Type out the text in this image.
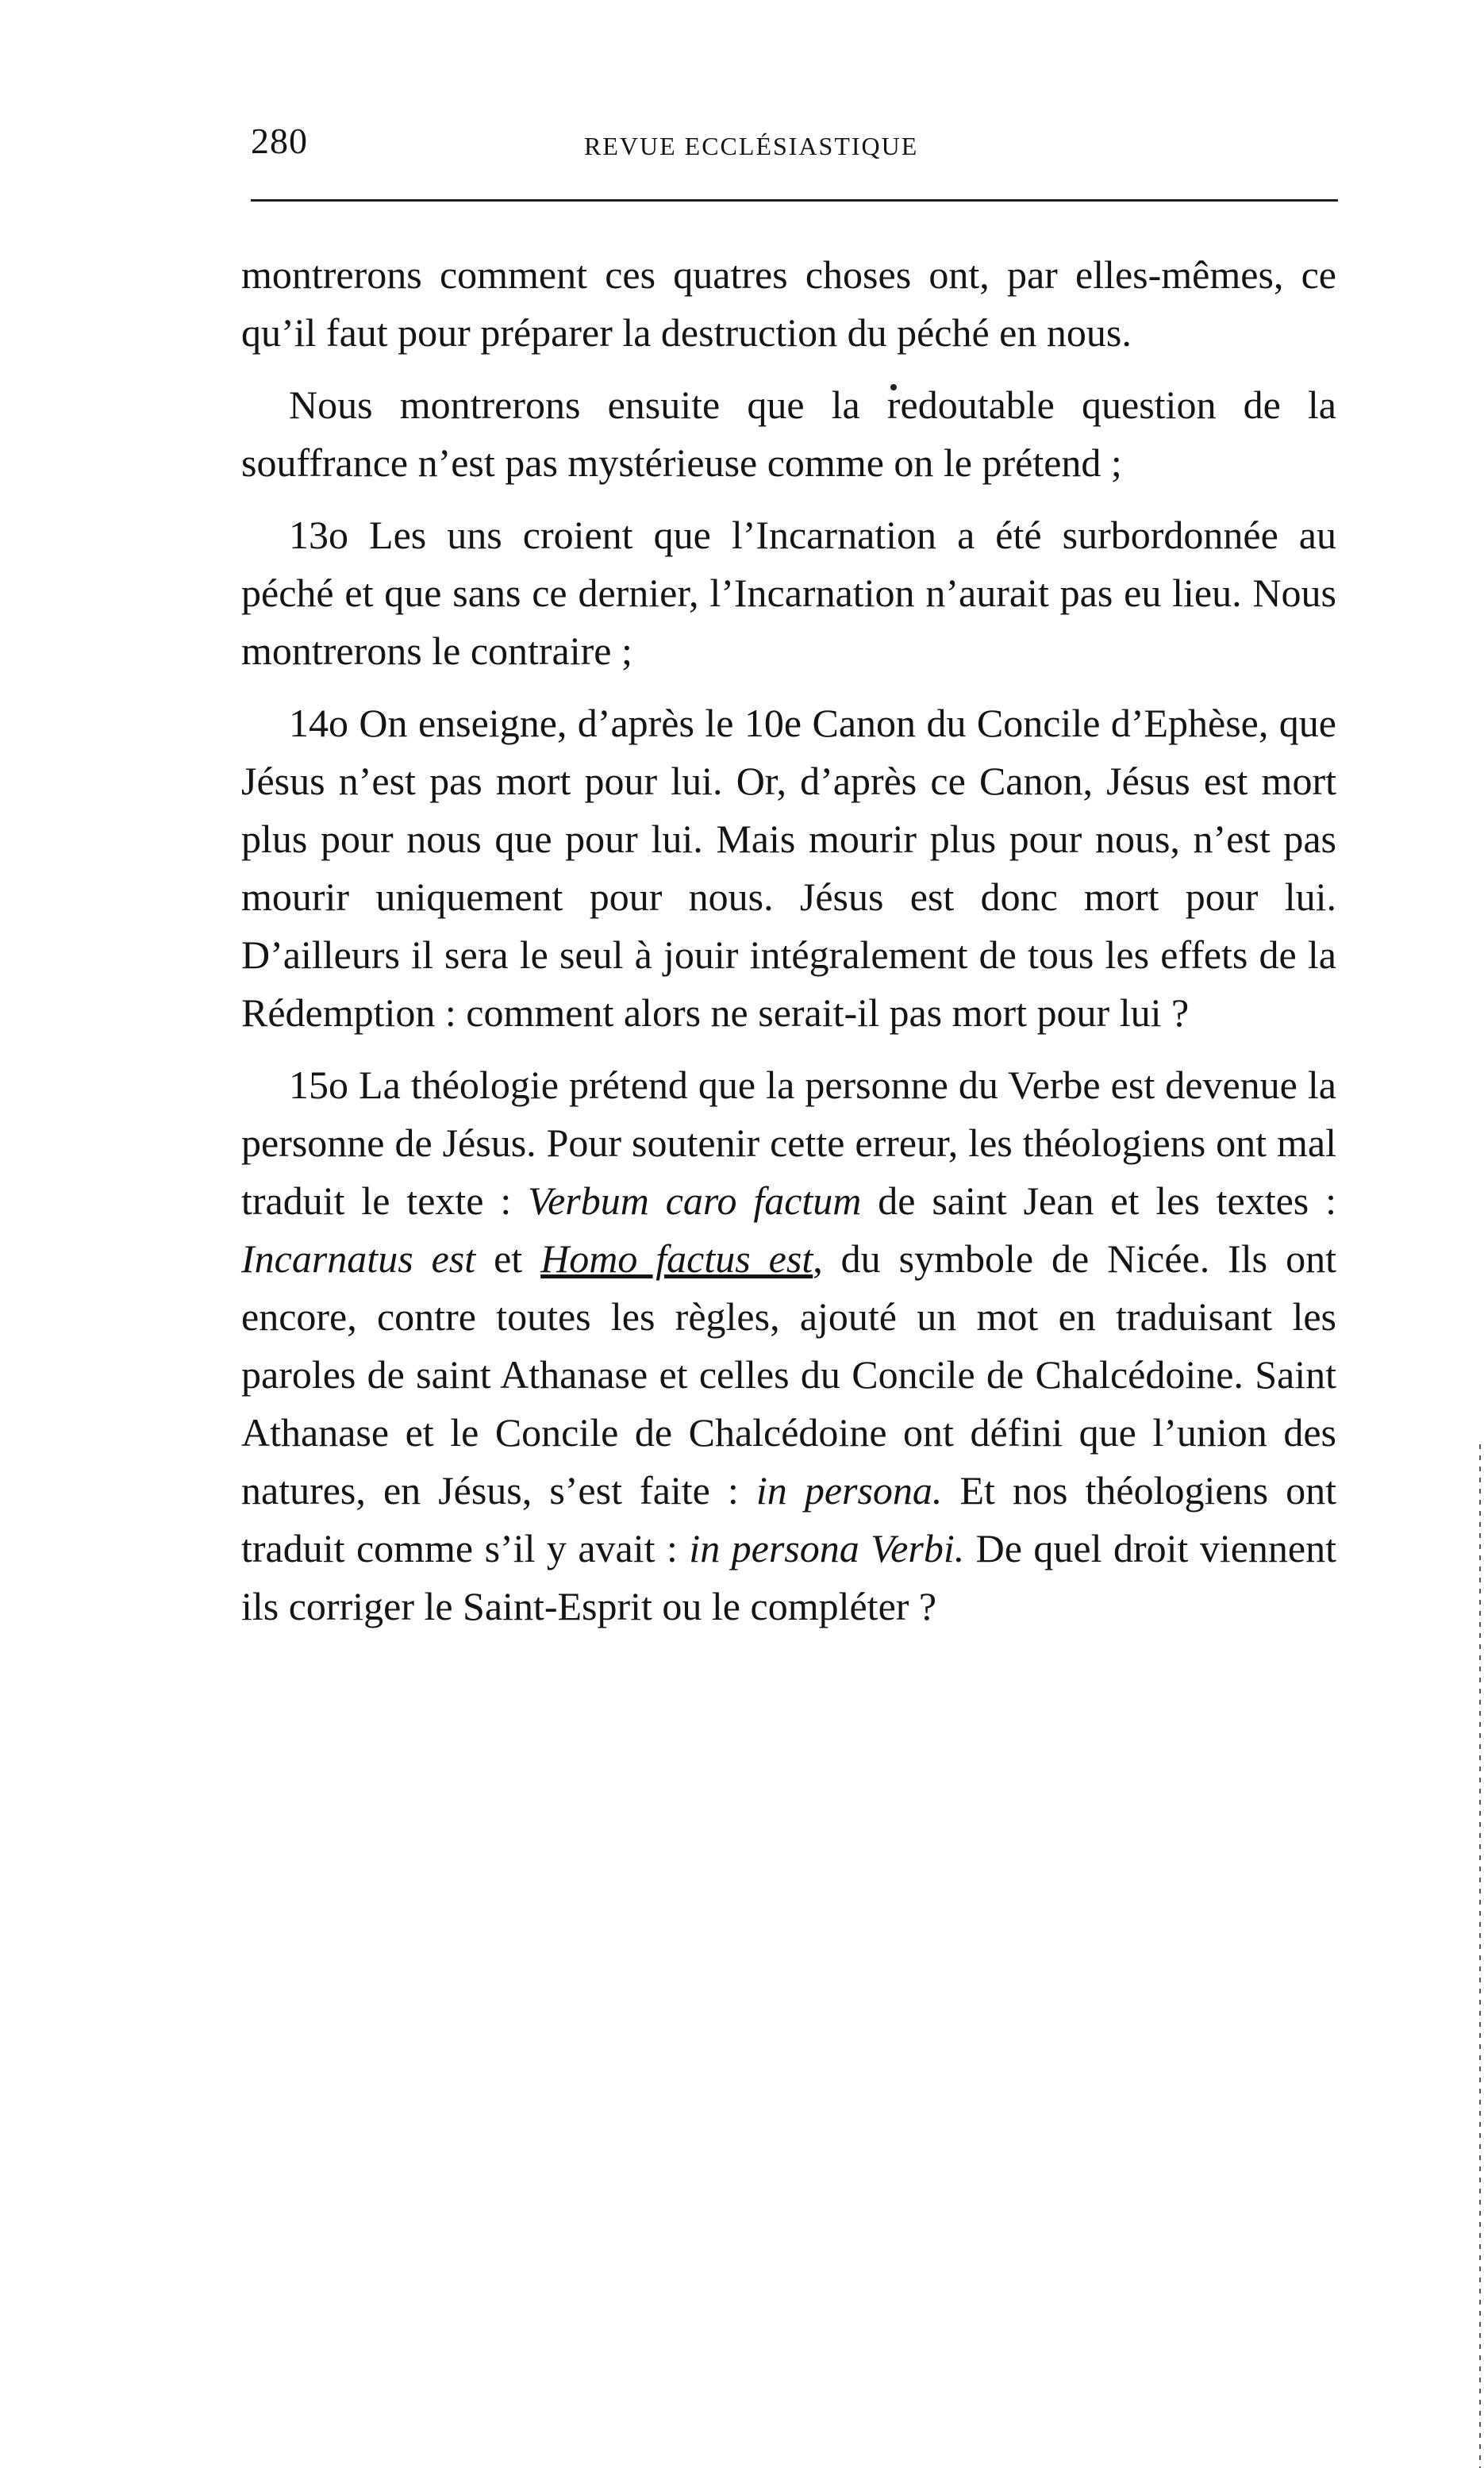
280	REVUE ECCLÉSIASTIQUE

montrerons comment ces quatres choses ont, par elles-mêmes, ce qu’il faut pour préparer la destruction du péché en nous.

Nous montrerons ensuite que la redoutable question de la souffrance n’est pas mystérieuse comme on le prétend ;

13o Les uns croient que l’Incarnation a été surbordonnée au péché et que sans ce dernier, l’Incarnation n’aurait pas eu lieu. Nous montrerons le contraire ;

14o On enseigne, d’après le 10e Canon du Concile d’Ephèse, que Jésus n’est pas mort pour lui. Or, d’après ce Canon, Jésus est mort plus pour nous que pour lui. Mais mourir plus pour nous, n’est pas mourir uniquement pour nous. Jésus est donc mort pour lui. D’ailleurs il sera le seul à jouir intégralement de tous les effets de la Rédemption : comment alors ne serait-il pas mort pour lui ?

15o La théologie prétend que la personne du Verbe est devenue la personne de Jésus. Pour soutenir cette erreur, les théologiens ont mal traduit le texte : Verbum caro factum de saint Jean et les textes : Incarnatus est et Homo factus est, du symbole de Nicée. Ils ont encore, contre toutes les règles, ajouté un mot en traduisant les paroles de saint Athanase et celles du Concile de Chalcédoine. Saint Athanase et le Concile de Chalcédoine ont défini que l’union des natures, en Jésus, s’est faite : in persona. Et nos théologiens ont traduit comme s’il y avait : in persona Verbi. De quel droit viennent ils corriger le Saint-Esprit ou le compléter ?
